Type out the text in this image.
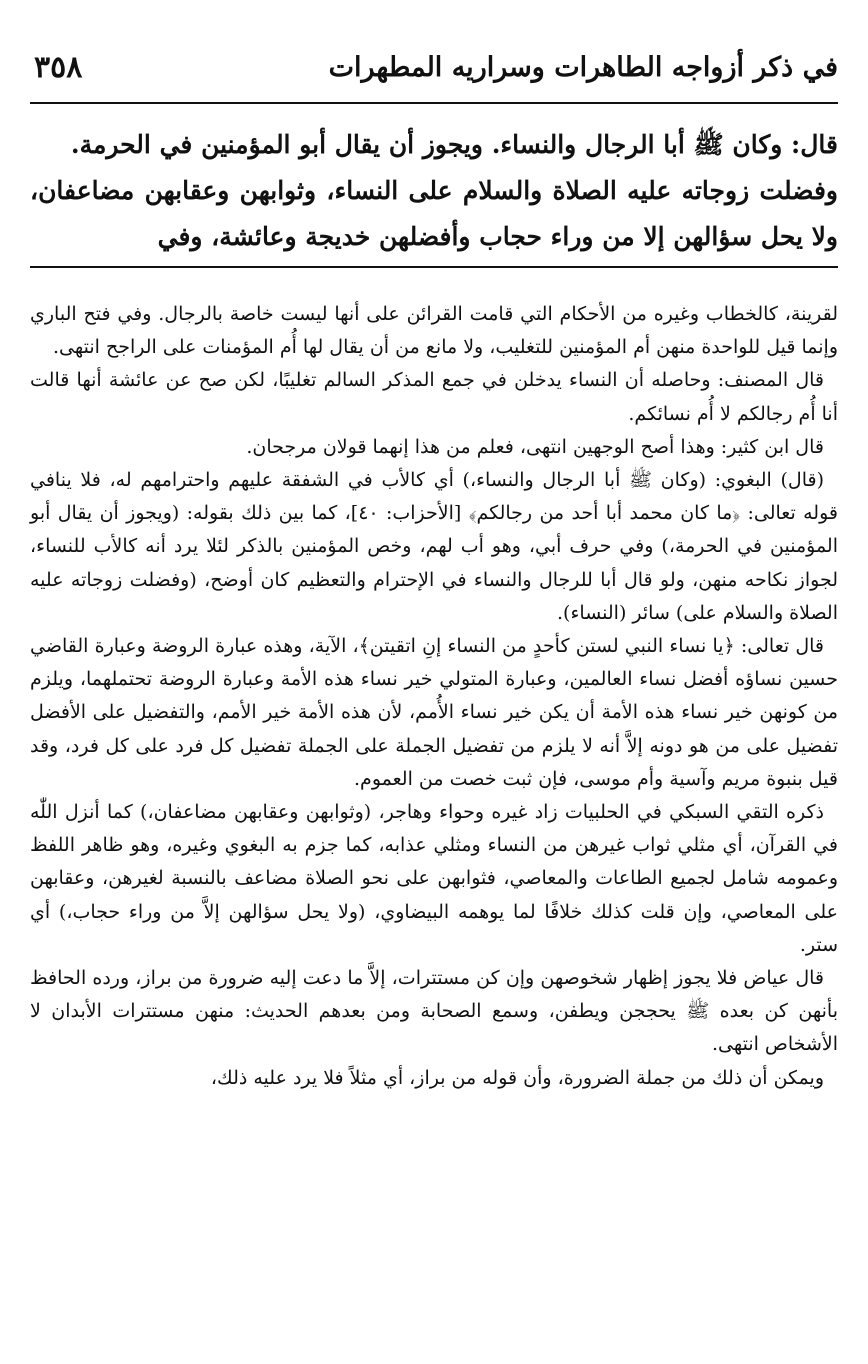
في ذكر أزواجه الطاهرات وسراريه المطهرات
٣٥٨

قال: وكان ﷺ أبا الرجال والنساء. ويجوز أن يقال أبو المؤمنين في الحرمة.

وفضلت زوجاته عليه الصلاة والسلام على النساء، وثوابهن وعقابهن مضاعفان، ولا يحل سؤالهن إلا من وراء حجاب وأفضلهن خديجة وعائشة، وفي

لقرينة، كالخطاب وغيره من الأحكام التي قامت القرائن على أنها ليست خاصة بالرجال. وفي فتح الباري وإنما قيل للواحدة منهن أم المؤمنين للتغليب، ولا مانع من أن يقال لها أُم المؤمنات على الراجح انتهى.

قال المصنف: وحاصله أن النساء يدخلن في جمع المذكر السالم تغليبًا، لكن صح عن عائشة أنها قالت أنا أُم رجالكم لا أُم نسائكم.

قال ابن كثير: وهذا أصح الوجهين انتهى، فعلم من هذا إنهما قولان مرجحان.

(قال) البغوي: (وكان ﷺ أبا الرجال والنساء،) أي كالأب في الشفقة عليهم واحترامهم له، فلا ينافي قوله تعالى: ﴿ما كان محمد أبا أحد من رجالكم﴾ [الأحزاب: ٤٠]، كما بين ذلك بقوله: (ويجوز أن يقال أبو المؤمنين في الحرمة،) وفي حرف أبي، وهو أب لهم، وخص المؤمنين بالذكر لئلا يرد أنه كالأب للنساء، لجواز نكاحه منهن، ولو قال أبا للرجال والنساء في الإحترام والتعظيم كان أوضح، (وفضلت زوجاته عليه الصلاة والسلام على) سائر (النساء).

قال تعالى: ﴿يا نساء النبي لستن كأحدٍ من النساء إنِ اتقيتن﴾، الآية، وهذه عبارة الروضة وعبارة القاضي حسين نساؤه أفضل نساء العالمين، وعبارة المتولي خير نساء هذه الأمة وعبارة الروضة تحتملهما، ويلزم من كونهن خير نساء هذه الأمة أن يكن خير نساء الأُمم، لأن هذه الأمة خير الأمم، والتفضيل على الأفضل تفضيل على من هو دونه إلاَّ أنه لا يلزم من تفضيل الجملة على الجملة تفضيل كل فرد على كل فرد، وقد قيل بنبوة مريم وآسية وأم موسى، فإن ثبت خصت من العموم.

ذكره التقي السبكي في الحلبيات زاد غيره وحواء وهاجر، (وثوابهن وعقابهن مضاعفان،) كما أنزل اللّٰه في القرآن، أي مثلي ثواب غيرهن من النساء ومثلي عذابه، كما جزم به البغوي وغيره، وهو ظاهر اللفظ وعمومه شامل لجميع الطاعات والمعاصي، فثوابهن على نحو الصلاة مضاعف بالنسبة لغيرهن، وعقابهن على المعاصي، وإن قلت كذلك خلافًا لما يوهمه البيضاوي، (ولا يحل سؤالهن إلاَّ من وراء حجاب،) أي ستر.

قال عياض فلا يجوز إظهار شخوصهن وإن كن مستترات، إلاَّ ما دعت إليه ضرورة من براز، ورده الحافظ بأنهن كن بعده ﷺ يحججن ويطفن، وسمع الصحابة ومن بعدهم الحديث: منهن مستترات الأبدان لا الأشخاص انتهى.

ويمكن أن ذلك من جملة الضرورة، وأن قوله من براز، أي مثلاً فلا يرد عليه ذلك،
